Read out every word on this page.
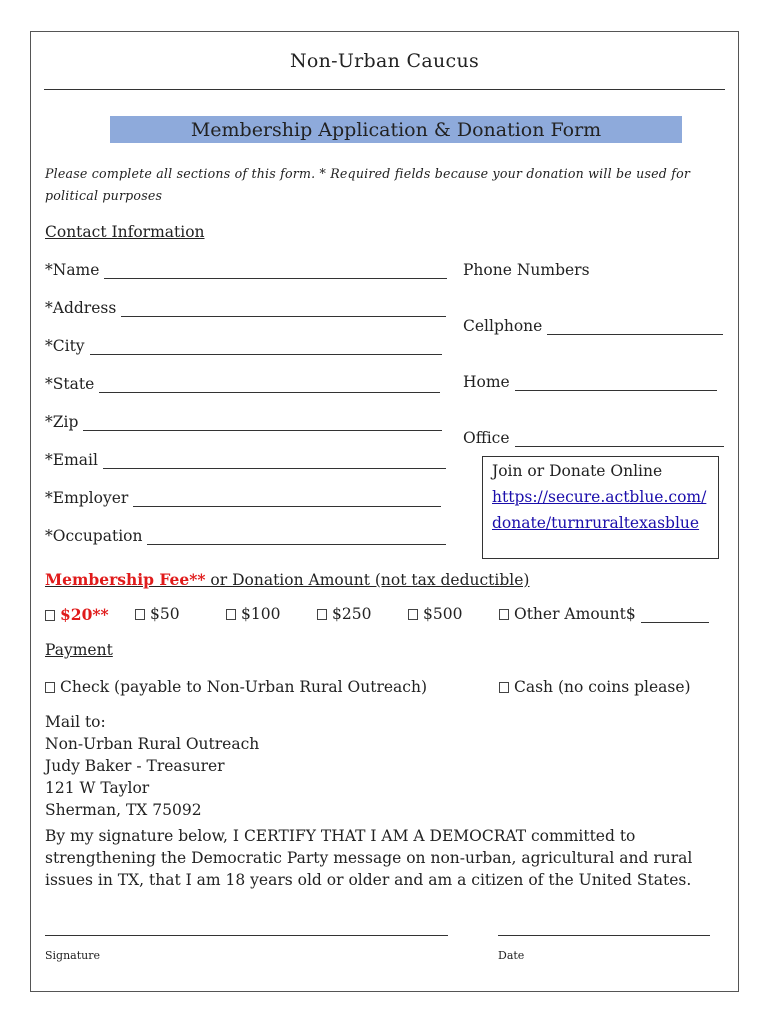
Non-Urban Caucus
Membership Application & Donation Form
Please complete all sections of this form. * Required fields because your donation will be used for political purposes
Contact Information
*Name
*Address
*City
*State
*Zip
*Email
*Employer
*Occupation
Phone Numbers
Cellphone
Home
Office
Join or Donate Online
https://secure.actblue.com/
donate/turnruraltexasblue
Membership Fee** or Donation Amount (not tax deductible)
$20**	$50	$100	$250	$500	Other Amount$
Payment
Check (payable to Non-Urban Rural Outreach)	Cash (no coins please)
Mail to:
Non-Urban Rural Outreach
Judy Baker - Treasurer
121 W Taylor
Sherman, TX 75092
By my signature below, I CERTIFY THAT I AM A DEMOCRAT committed to strengthening the Democratic Party message on non-urban, agricultural and rural issues in TX, that I am 18 years old or older and am a citizen of the United States.
Signature	Date
